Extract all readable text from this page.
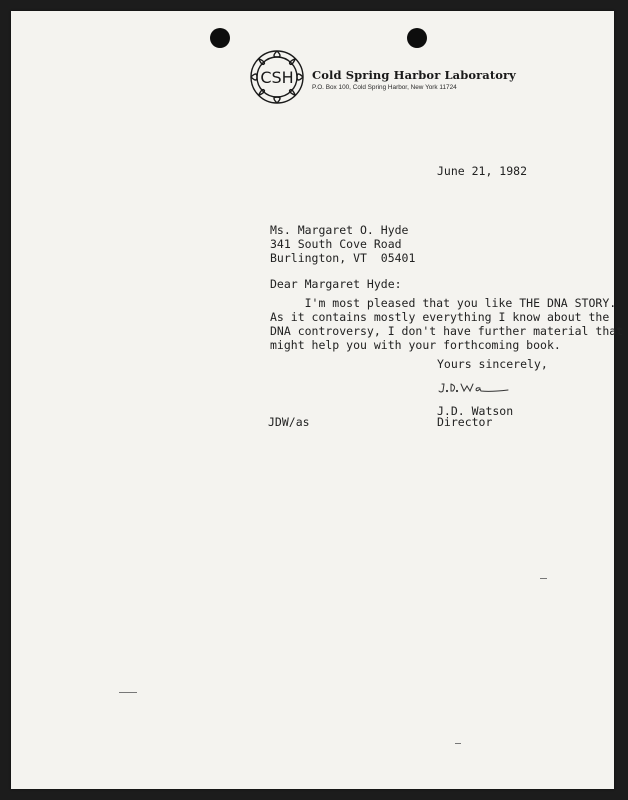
CSH Cold Spring Harbor Laboratory
P.O. Box 100, Cold Spring Harbor, New York 11724
June 21, 1982
Ms. Margaret O. Hyde
341 South Cove Road
Burlington, VT  05401
Dear Margaret Hyde:
I'm most pleased that you like THE DNA STORY.
As it contains mostly everything I know about the
DNA controversy, I don't have further material that
might help you with your forthcoming book.
Yours sincerely,
J.D. Watson
Director
JDW/as
